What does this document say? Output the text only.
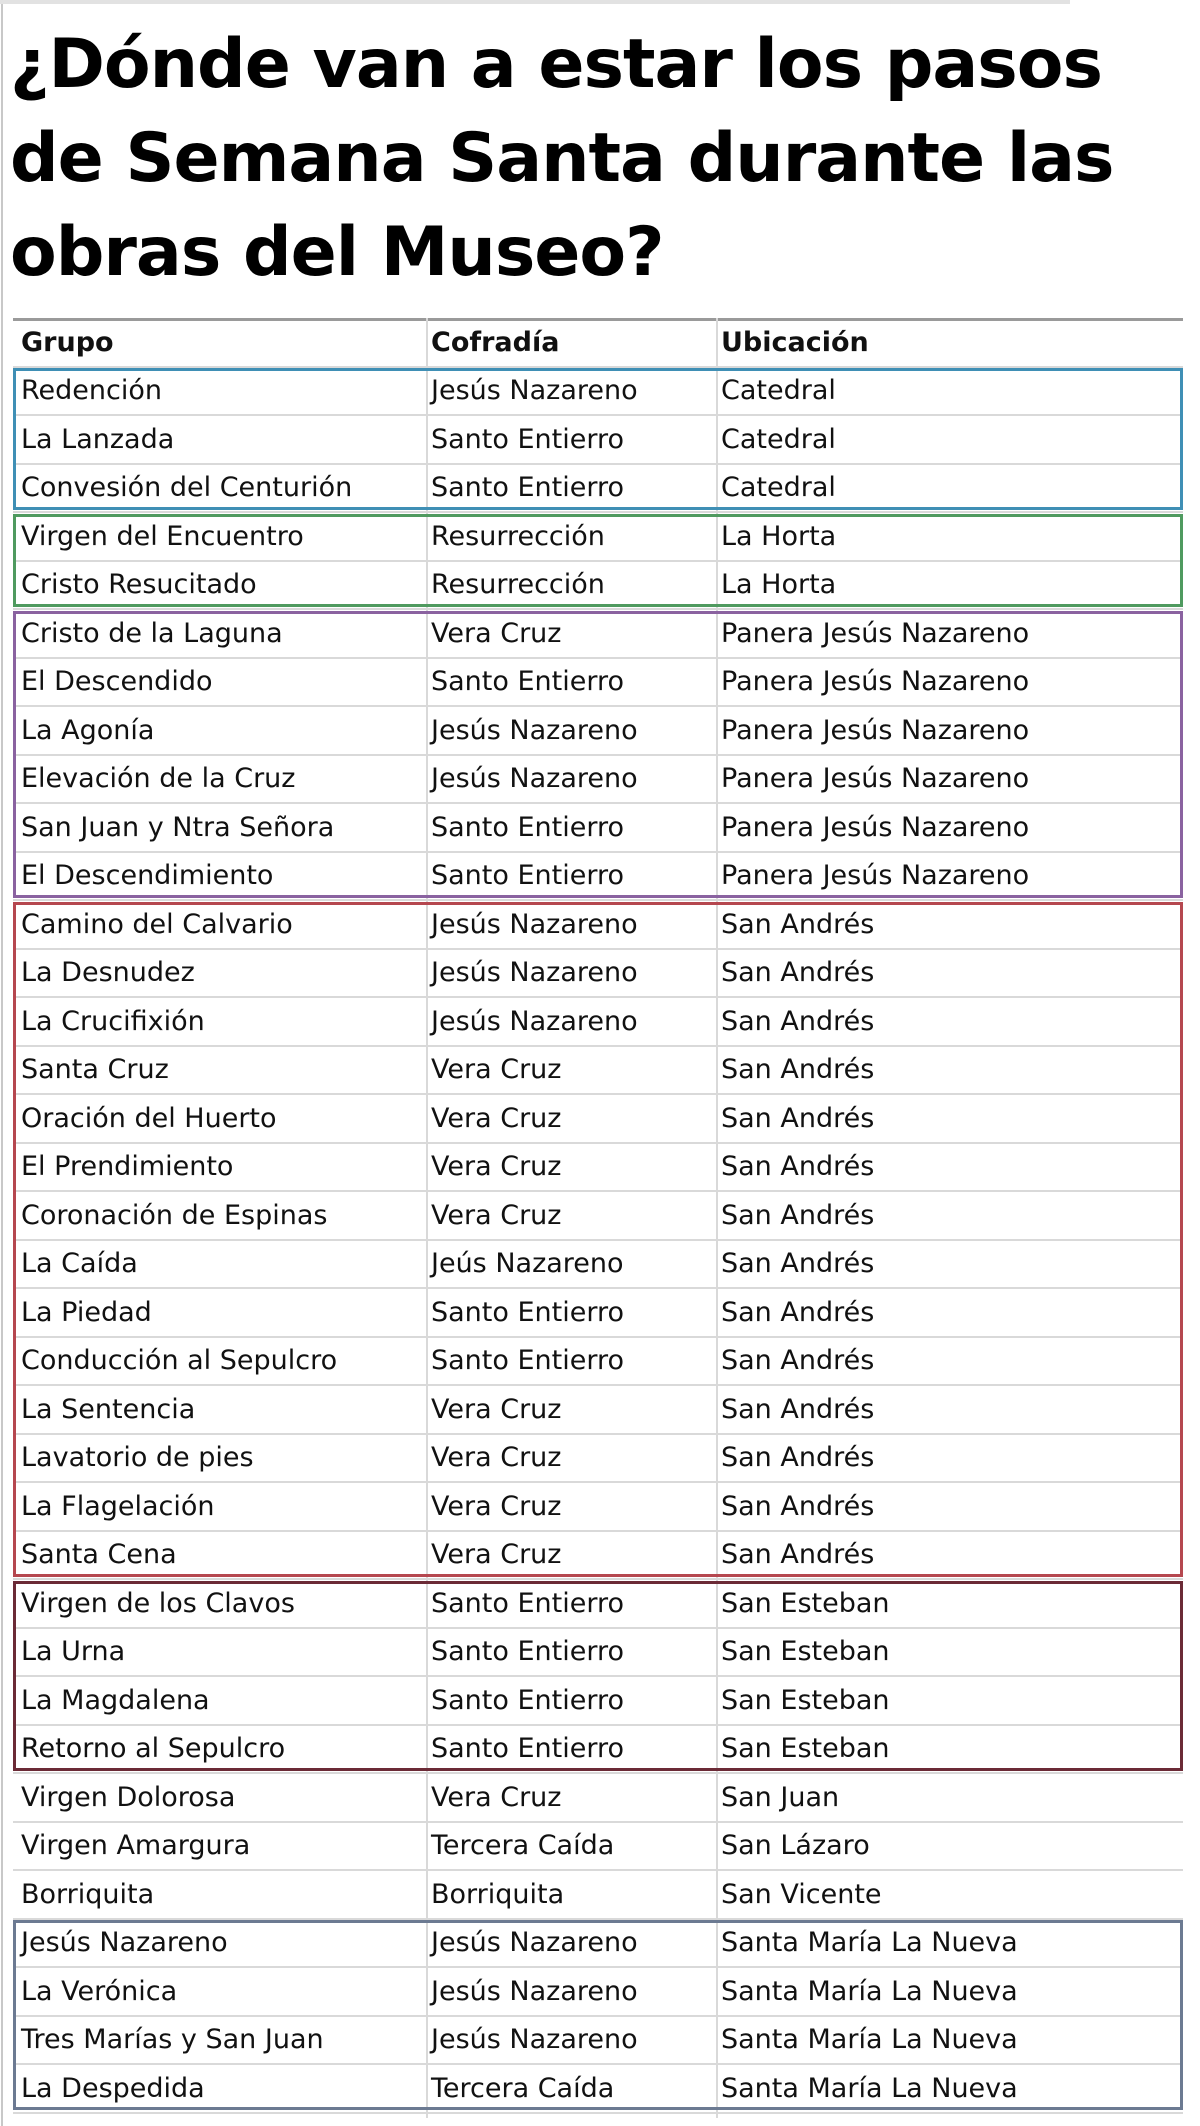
¿Dónde van a estar los pasos de Semana Santa durante las obras del Museo?
Grupo	Cofradía	Ubicación
Redención	Jesús Nazareno	Catedral
La Lanzada	Santo Entierro	Catedral
Convesión del Centurión	Santo Entierro	Catedral
Virgen del Encuentro	Resurrección	La Horta
Cristo Resucitado	Resurrección	La Horta
Cristo de la Laguna	Vera Cruz	Panera Jesús Nazareno
El Descendido	Santo Entierro	Panera Jesús Nazareno
La Agonía	Jesús Nazareno	Panera Jesús Nazareno
Elevación de la Cruz	Jesús Nazareno	Panera Jesús Nazareno
San Juan y Ntra Señora	Santo Entierro	Panera Jesús Nazareno
El Descendimiento	Santo Entierro	Panera Jesús Nazareno
Camino del Calvario	Jesús Nazareno	San Andrés
La Desnudez	Jesús Nazareno	San Andrés
La Crucifixión	Jesús Nazareno	San Andrés
Santa Cruz	Vera Cruz	San Andrés
Oración del Huerto	Vera Cruz	San Andrés
El Prendimiento	Vera Cruz	San Andrés
Coronación de Espinas	Vera Cruz	San Andrés
La Caída	Jeús Nazareno	San Andrés
La Piedad	Santo Entierro	San Andrés
Conducción al Sepulcro	Santo Entierro	San Andrés
La Sentencia	Vera Cruz	San Andrés
Lavatorio de pies	Vera Cruz	San Andrés
La Flagelación	Vera Cruz	San Andrés
Santa Cena	Vera Cruz	San Andrés
Virgen de los Clavos	Santo Entierro	San Esteban
La Urna	Santo Entierro	San Esteban
La Magdalena	Santo Entierro	San Esteban
Retorno al Sepulcro	Santo Entierro	San Esteban
Virgen Dolorosa	Vera Cruz	San Juan
Virgen Amargura	Tercera Caída	San Lázaro
Borriquita	Borriquita	San Vicente
Jesús Nazareno	Jesús Nazareno	Santa María La Nueva
La Verónica	Jesús Nazareno	Santa María La Nueva
Tres Marías y San Juan	Jesús Nazareno	Santa María La Nueva
La Despedida	Tercera Caída	Santa María La Nueva
